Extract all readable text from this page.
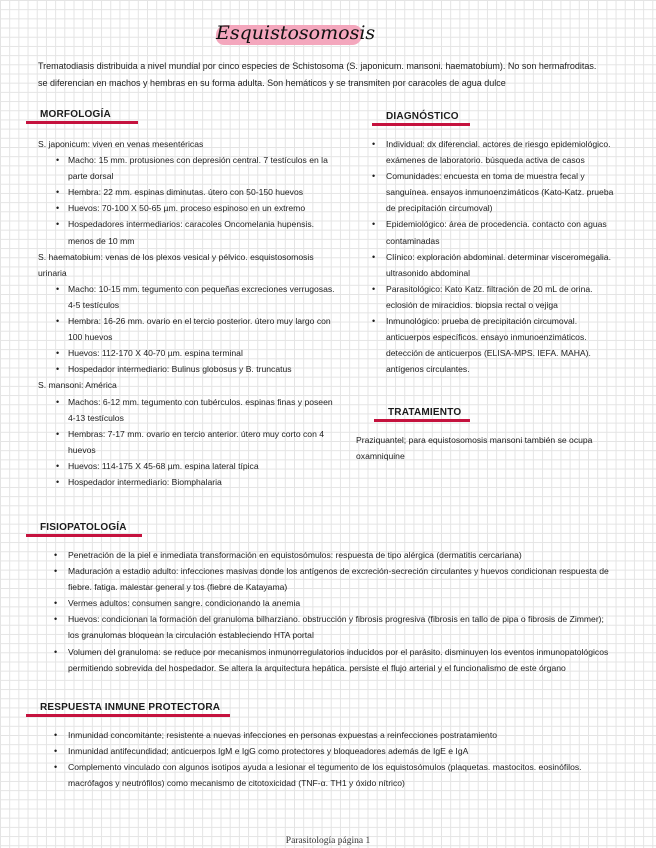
Esquistosomosis
Trematodiasis distribuida a nivel mundial por cinco especies de Schistosoma (S. japonicum. mansoni. haematobium). No son hermafroditas. se diferencian en machos y hembras en su forma adulta. Son hemáticos y se transmiten por caracoles de agua dulce
MORFOLOGÍA
S. japonicum: viven en venas mesentéricas
• Macho: 15 mm. protusiones con depresión central. 7 testículos en la parte dorsal
• Hembra: 22 mm. espinas diminutas. útero con 50-150 huevos
• Huevos: 70-100 X 50-65 µm. proceso espinoso en un extremo
• Hospedadores intermediarios: caracoles Oncomelania hupensis. menos de 10 mm
S. haematobium: venas de los plexos vesical y pélvico. esquistosomosis urinaria
• Macho: 10-15 mm. tegumento con pequeñas excreciones verrugosas. 4-5 testículos
• Hembra: 16-26 mm. ovario en el tercio posterior. útero muy largo con 100 huevos
• Huevos: 112-170 X 40-70 µm. espina terminal
• Hospedador intermediario: Bulinus globosus y B. truncatus
S. mansoni: América
• Machos: 6-12 mm. tegumento con tubérculos. espinas finas y poseen 4-13 testículos
• Hembras: 7-17 mm. ovario en tercio anterior. útero muy corto con 4 huevos
• Huevos: 114-175 X 45-68 µm. espina lateral típica
• Hospedador intermediario: Biomphalaria
DIAGNÓSTICO
• Individual: dx diferencial. actores de riesgo epidemiológico. exámenes de laboratorio. búsqueda activa de casos
• Comunidades: encuesta en toma de muestra fecal y sanguínea. ensayos inmunoenzimáticos (Kato-Katz. prueba de precipitación circumoval)
• Epidemiológico: área de procedencia. contacto con aguas contaminadas
• Clínico: exploración abdominal. determinar visceromegalia. ultrasonido abdominal
• Parasitológico: Kato Katz. filtración de 20 mL de orina. eclosión de miracidios. biopsia rectal o vejiga
• Inmunológico: prueba de precipitación circumoval. anticuerpos específicos. ensayo inmunoenzimáticos. detección de anticuerpos (ELISA-MPS. IEFA. MAHA). antígenos circulantes.
TRATAMIENTO
Praziquantel; para equistosomosis mansoni también se ocupa oxamniquine
FISIOPATOLOGÍA
• Penetración de la piel e inmediata transformación en equistosómulos: respuesta de tipo alérgica (dermatitis cercariana)
• Maduración a estadio adulto: infecciones masivas donde los antígenos de excreción-secreción circulantes y huevos condicionan respuesta de fiebre. fatiga. malestar general y tos (fiebre de Katayama)
• Vermes adultos: consumen sangre. condicionando la anemia
• Huevos: condicionan la formación del granuloma bilharziano. obstrucción y fibrosis progresiva (fibrosis en tallo de pipa o fibrosis de Zimmer); los granulomas bloquean la circulación estableciendo HTA portal
• Volumen del granuloma: se reduce por mecanismos inmunorregulatorios inducidos por el parásito. disminuyen los eventos inmunopatológicos permitiendo sobrevida del hospedador. Se altera la arquitectura hepática. persiste el flujo arterial y el funcionalismo de este órgano
RESPUESTA INMUNE PROTECTORA
• Inmunidad concomitante; resistente a nuevas infecciones en personas expuestas a reinfecciones postratamiento
• Inmunidad antifecundidad; anticuerpos IgM e IgG como protectores y bloqueadores además de IgE e IgA
• Complemento vinculado con algunos isotipos ayuda a lesionar el tegumento de los equistosómulos (plaquetas. mastocitos. eosinófilos. macrófagos y neutrófilos) como mecanismo de citotoxicidad (TNF-α. TH1 y óxido nítrico)
Parasitología página 1
